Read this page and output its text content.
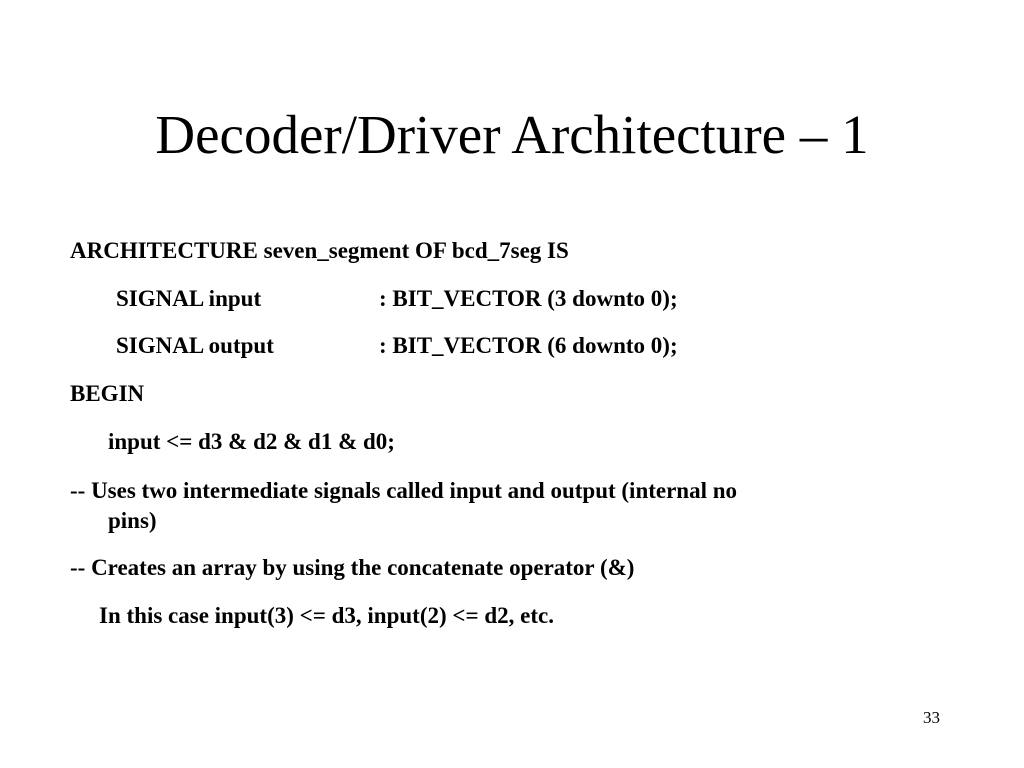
Decoder/Driver Architecture – 1
ARCHITECTURE seven_segment OF bcd_7seg IS
SIGNAL input	: BIT_VECTOR (3 downto 0);
SIGNAL output	: BIT_VECTOR (6 downto 0);
BEGIN
input <= d3 & d2 & d1 & d0;
-- Uses two intermediate signals called input and output (internal no
pins)
-- Creates an array by using the concatenate operator (&)
In this case input(3) <= d3, input(2) <= d2, etc.
33
